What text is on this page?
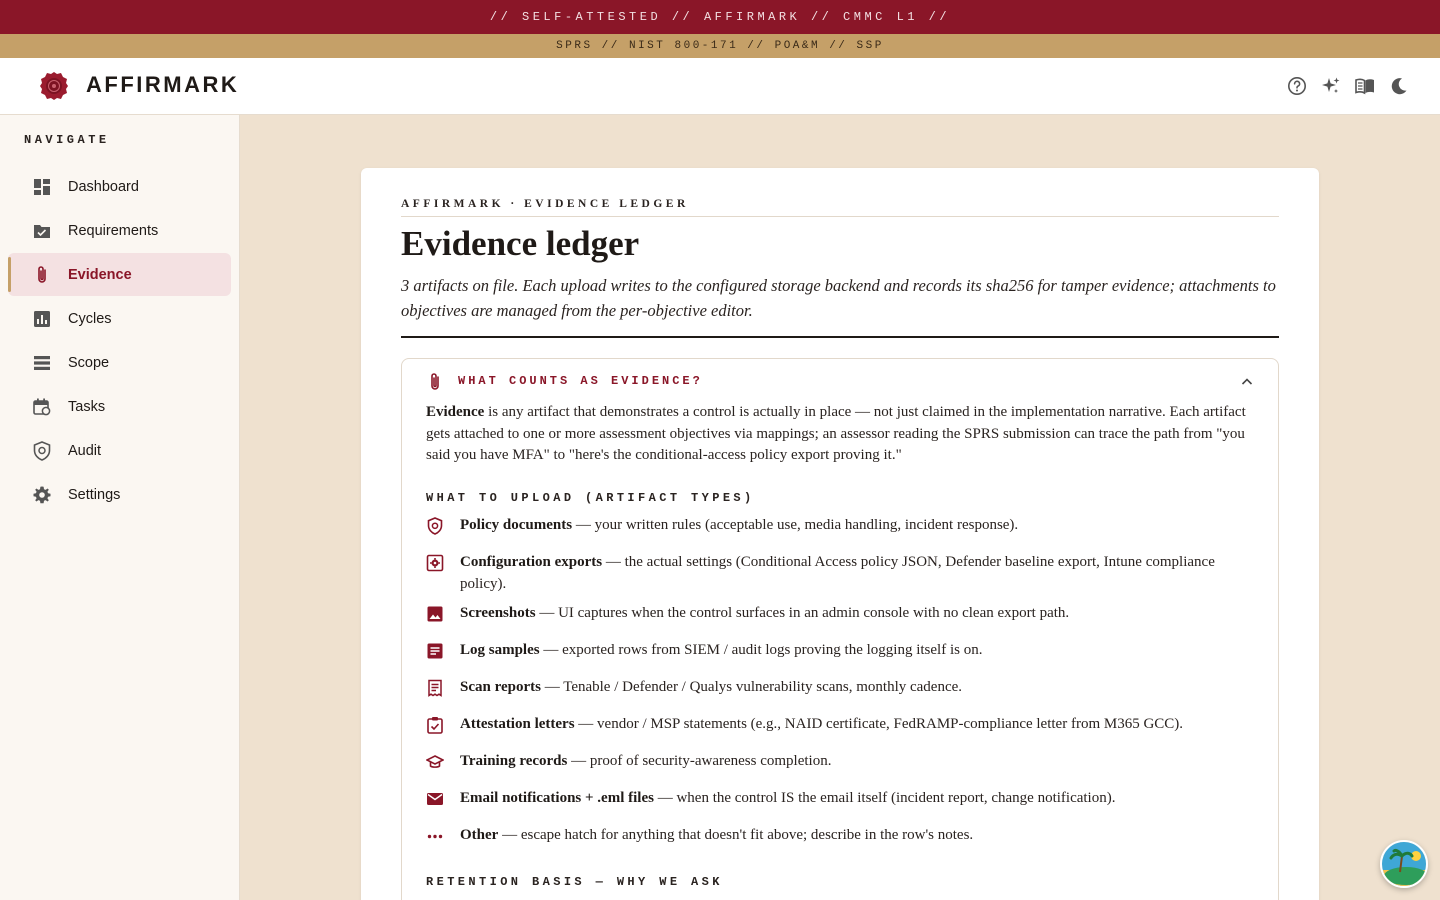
// SELF-ATTESTED // AFFIRMARK // CMMC L1 //
SPRS // NIST 800-171 // POA&M // SSP
AFFIRMARK
NAVIGATE
Dashboard
Requirements
Evidence
Cycles
Scope
Tasks
Audit
Settings
AFFIRMARK · EVIDENCE LEDGER
Evidence ledger
3 artifacts on file. Each upload writes to the configured storage backend and records its sha256 for tamper evidence; attachments to objectives are managed from the per-objective editor.
WHAT COUNTS AS EVIDENCE?
Evidence is any artifact that demonstrates a control is actually in place — not just claimed in the implementation narrative. Each artifact gets attached to one or more assessment objectives via mappings; an assessor reading the SPRS submission can trace the path from "you said you have MFA" to "here's the conditional-access policy export proving it."
WHAT TO UPLOAD (ARTIFACT TYPES)
Policy documents — your written rules (acceptable use, media handling, incident response).
Configuration exports — the actual settings (Conditional Access policy JSON, Defender baseline export, Intune compliance policy).
Screenshots — UI captures when the control surfaces in an admin console with no clean export path.
Log samples — exported rows from SIEM / audit logs proving the logging itself is on.
Scan reports — Tenable / Defender / Qualys vulnerability scans, monthly cadence.
Attestation letters — vendor / MSP statements (e.g., NAID certificate, FedRAMP-compliance letter from M365 GCC).
Training records — proof of security-awareness completion.
Email notifications + .eml files — when the control IS the email itself (incident report, change notification).
Other — escape hatch for anything that doesn't fit above; describe in the row's notes.
RETENTION BASIS — WHY WE ASK
